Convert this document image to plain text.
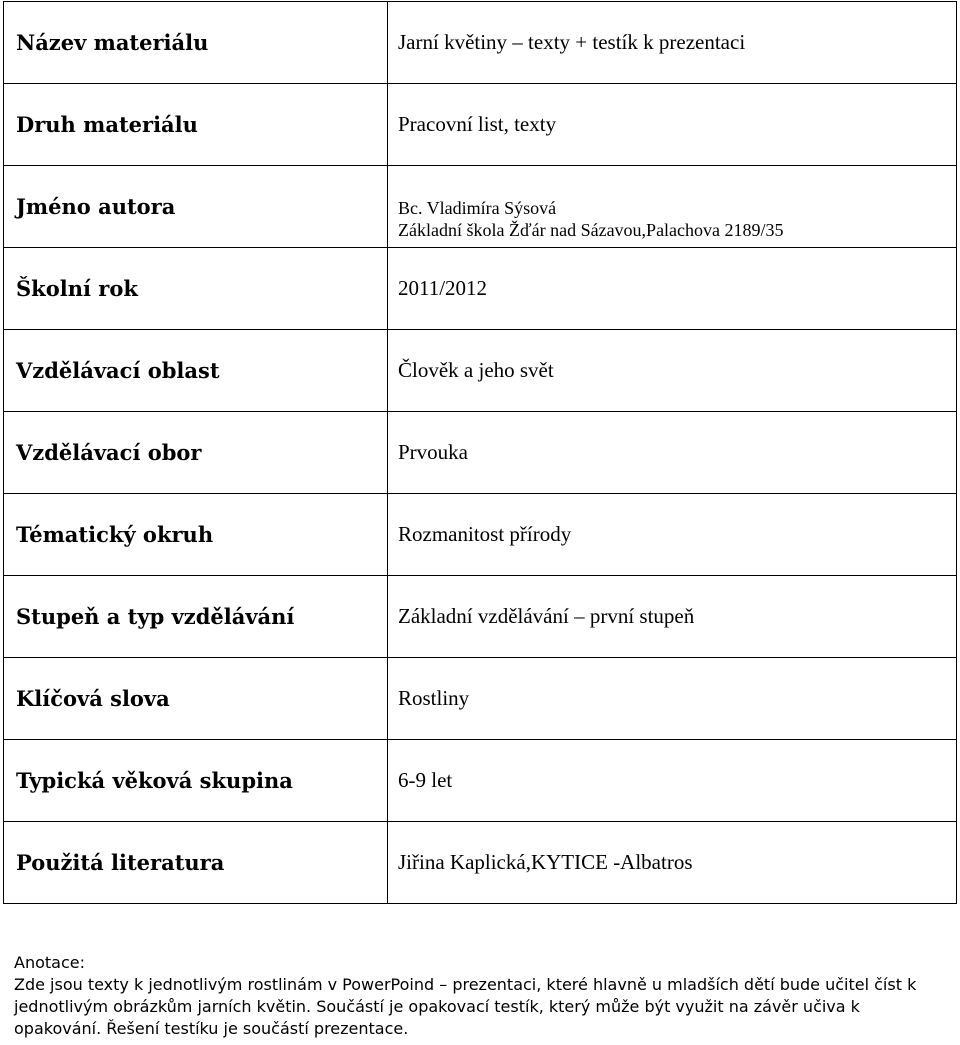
Název materiálu	Jarní květiny – texty + testík k prezentaci
Druh materiálu	Pracovní list, texty
Jméno autora	Bc. Vladimíra Sýsová
Základní škola Žďár nad Sázavou,Palachova 2189/35

Školní rok	2011/2012
Vzdělávací oblast	Člověk a jeho svět
Vzdělávací obor	Prvouka
Tématický okruh	Rozmanitost přírody
Stupeň a typ vzdělávání	Základní vzdělávání – první stupeň
Klíčová slova	Rostliny
Typická věková skupina	6-9 let
Použitá literatura	Jiřina Kaplická,KYTICE -Albatros

Anotace:

Zde jsou texty k jednotlivým rostlinám v PowerPoind – prezentaci, které hlavně u mladších dětí bude učitel číst k jednotlivým obrázkům jarních květin. Součástí je opakovací testík, který může být využit na závěr učiva k opakování. Řešení testíku je součástí prezentace.
